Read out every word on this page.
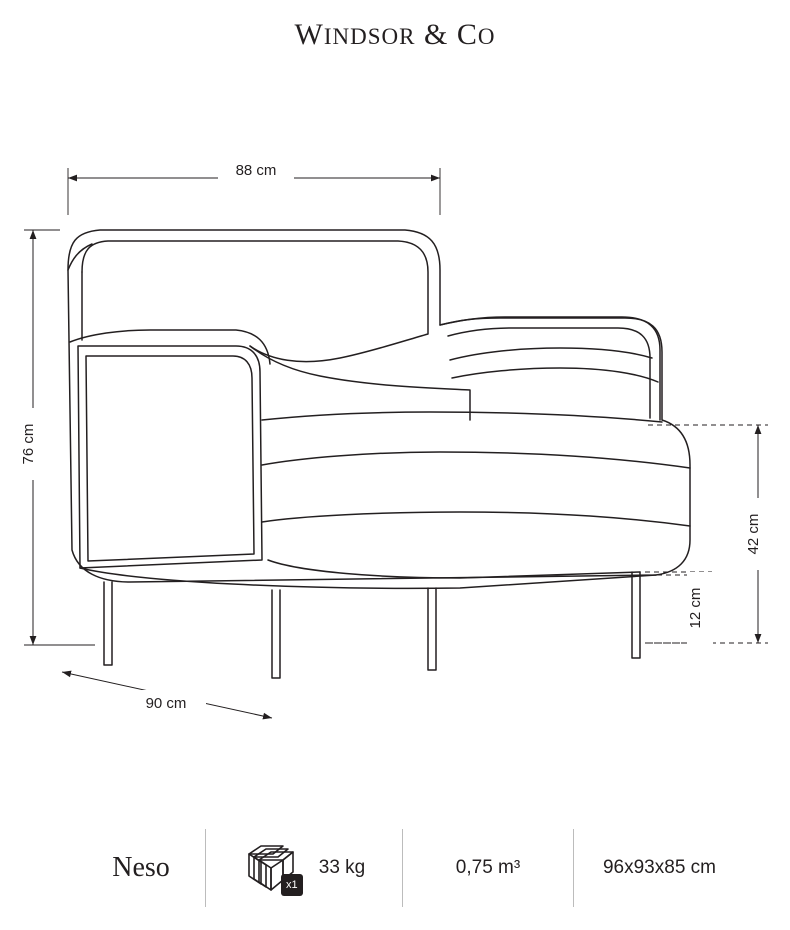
WINDSOR & CO
88 cm
76 cm
90 cm
42 cm
12 cm
Neso
x1
33 kg	0,75 m³	96x93x85 cm
